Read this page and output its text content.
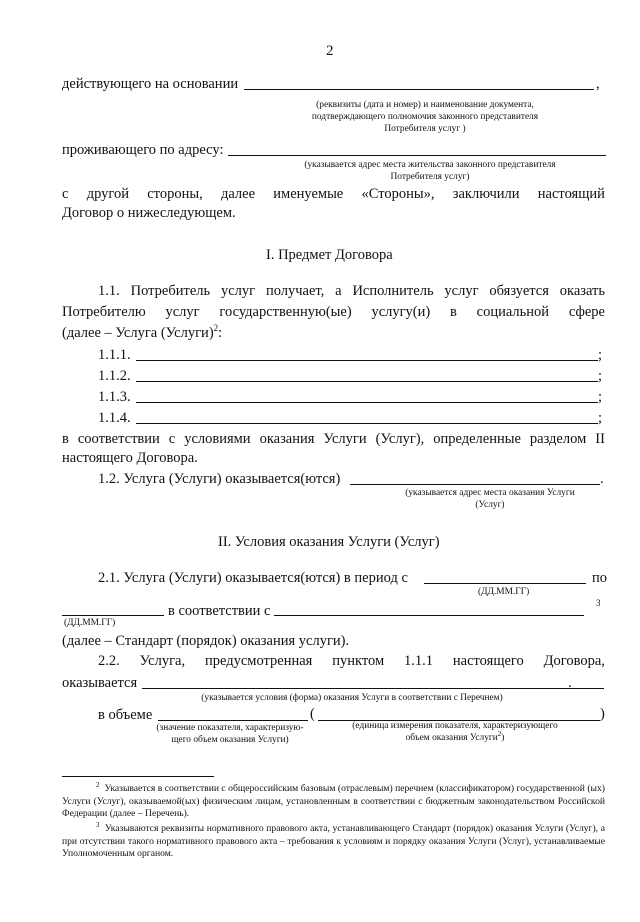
2
действующего на основании	,
(реквизиты (дата и номер) и наименование документа,
подтверждающего полномочия законного представителя
Потребителя услуг )
проживающего по адресу:
(указывается адрес места жительства законного представителя
Потребителя услуг)
с другой стороны, далее именуемые «Стороны», заключили настоящий
Договор о нижеследующем.
I. Предмет Договора
1.1. Потребитель услуг получает, а Исполнитель услуг обязуется оказать
Потребителю услуг государственную(ые) услугу(и) в социальной сфере
(далее – Услуга (Услуги)$^2$:
1.1.1.	;
1.1.2.	;
1.1.3.	;
1.1.4.	;
в соответствии с условиями оказания Услуги (Услуг), определенные разделом II
настоящего Договора.
1.2. Услуга (Услуги) оказывается(ются)	.
(указывается адрес места оказания Услуги
(Услуг)
II. Условия оказания Услуги (Услуг)
2.1. Услуга (Услуги) оказывается(ются) в период с	по
(ДД.ММ.ГГ)
в соответствии с	3
(ДД.ММ.ГГ)
(далее – Стандарт (порядок) оказания услуги).
2.2. Услуга, предусмотренная пунктом 1.1.1 настоящего Договора,
оказывается	.
(указывается условия (форма) оказания Услуги в соответствии с Перечнем)
в объеме	(	)
(значение показателя, характеризую-
щего объем оказания Услуги)
(единица измерения показателя, характеризующего
объем оказания Услуги$^2$)
$^2$ Указывается в соответствии с общероссийским базовым (отраслевым) перечнем (классификатором) государственной (ых) Услуги (Услуг), оказываемой(ых) физическим лицам, установленным в соответствии с бюджетным законодательством Российской Федерации (далее – Перечень).
$^3$ Указываются реквизиты нормативного правового акта, устанавливающего Стандарт (порядок) оказания Услуги (Услуг), а при отсутствии такого нормативного правового акта – требования к условиям и порядку оказания Услуги (Услуг), устанавливаемые Уполномоченным органом.
